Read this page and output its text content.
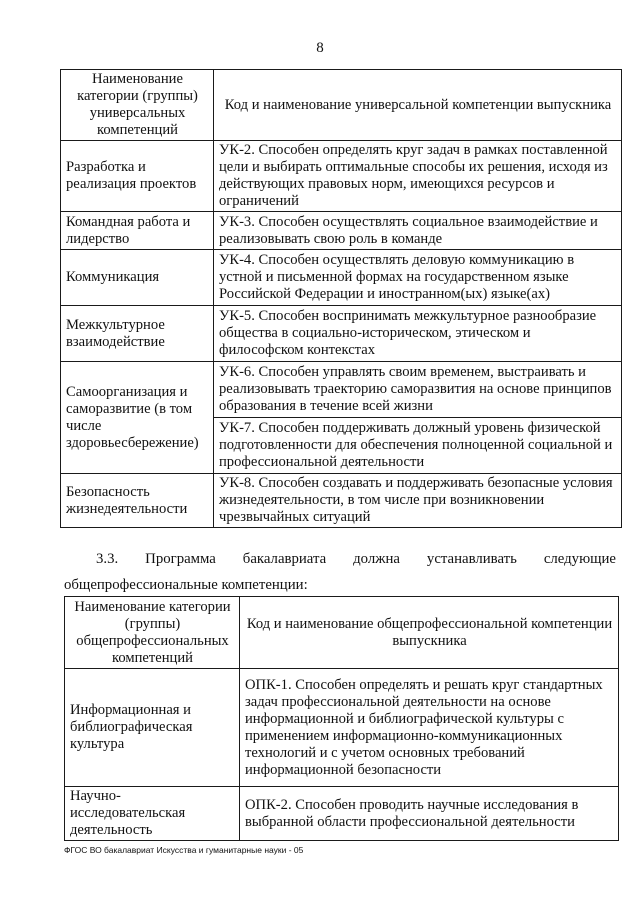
8
Наименование категории (группы) универсальных компетенций	Код и наименование универсальной компетенции выпускника
Разработка и реализация проектов	УК-2. Способен определять круг задач в рамках поставленной цели и выбирать оптимальные способы их решения, исходя из действующих правовых норм, имеющихся ресурсов и ограничений
Командная работа и лидерство	УК-3. Способен осуществлять социальное взаимодействие и реализовывать свою роль в команде
Коммуникация	УК-4. Способен осуществлять деловую коммуникацию в устной и письменной формах на государственном языке Российской Федерации и иностранном(ых) языке(ах)
Межкультурное взаимодействие	УК-5. Способен воспринимать межкультурное разнообразие общества в социально-историческом, этическом и философском контекстах
Самоорганизация и саморазвитие (в том числе здоровьесбережение)	УК-6. Способен управлять своим временем, выстраивать и реализовывать траекторию саморазвития на основе принципов образования в течение всей жизни
	УК-7. Способен поддерживать должный уровень физической подготовленности для обеспечения полноценной социальной и профессиональной деятельности
Безопасность жизнедеятельности	УК-8. Способен создавать и поддерживать безопасные условия жизнедеятельности, в том числе при возникновении чрезвычайных ситуаций
3.3. Программа бакалавриата должна устанавливать следующие
общепрофессиональные компетенции:
Наименование категории (группы) общепрофессиональных компетенций	Код и наименование общепрофессиональной компетенции выпускника
Информационная и библиографическая культура	ОПК-1. Способен определять и решать круг стандартных задач профессиональной деятельности на основе информационной и библиографической культуры с применением информационно-коммуникационных технологий и с учетом основных требований информационной безопасности
Научно-исследовательская деятельность	ОПК-2. Способен проводить научные исследования в выбранной области профессиональной деятельности
ФГОС ВО бакалавриат Искусства и гуманитарные науки - 05
